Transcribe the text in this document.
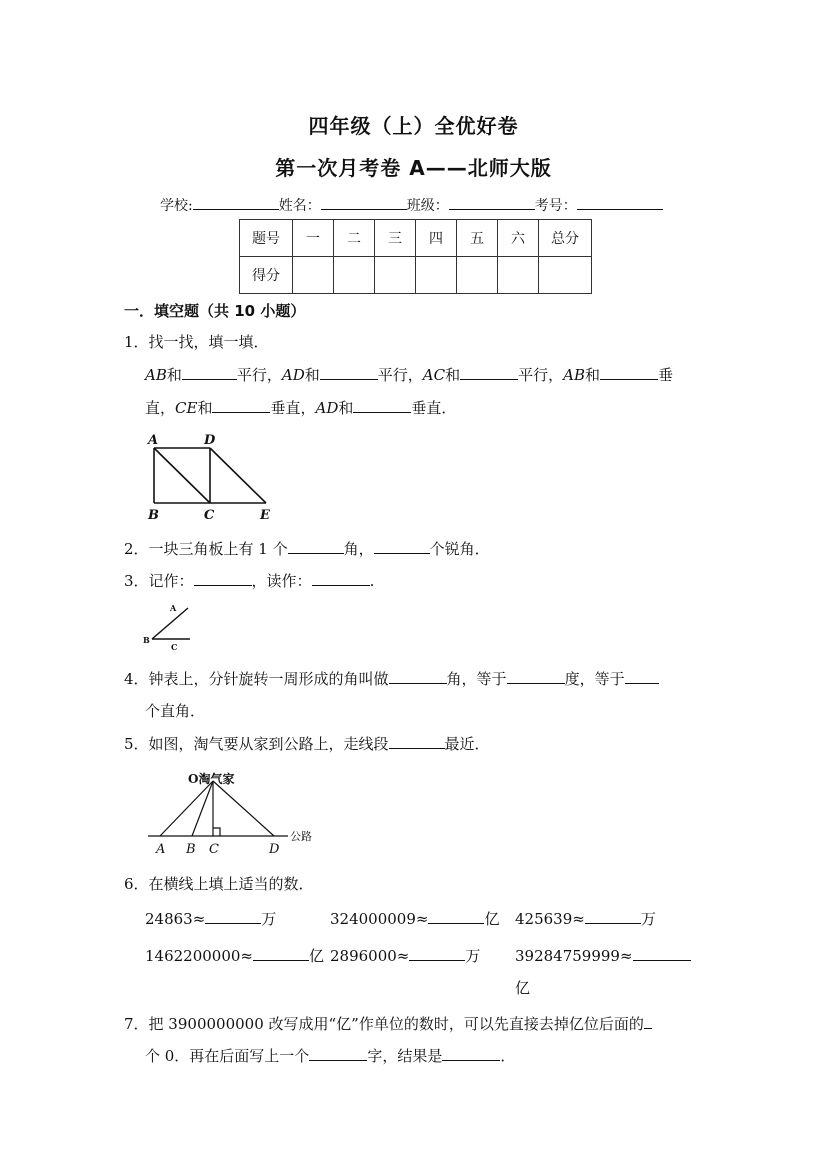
四年级（上）全优好卷
第一次月考卷 A——北师大版
学校:	姓名：	班级：	考号：
题号	一	二	三	四	五	六	总分
得分							
一．填空题（共 10 小题）
1．找一找，填一填．
AB和	平行，AD和	平行，AC和	平行，AB和	垂
直，CE和	垂直，AD和	垂直．
A	D
B	C	E
2．一块三角板上有 1 个	角，	个锐角．
3．记作：	，读作：	.
A
B
C
4．钟表上，分针旋转一周形成的角叫做	角，等于	度，等于
个直角．
5．如图，淘气要从家到公路上，走线段	最近．
O淘气家
公路
A B C	D
6．在横线上填上适当的数．
24863≈	万	324000009≈	亿 425639≈	万
1462200000≈	亿 2896000≈	万 39284759999≈
亿
7．把 3900000000 改写成用“亿”作单位的数时，可以先直接去掉亿位后面的
个 0．再在后面写上一个	字，结果是	．
